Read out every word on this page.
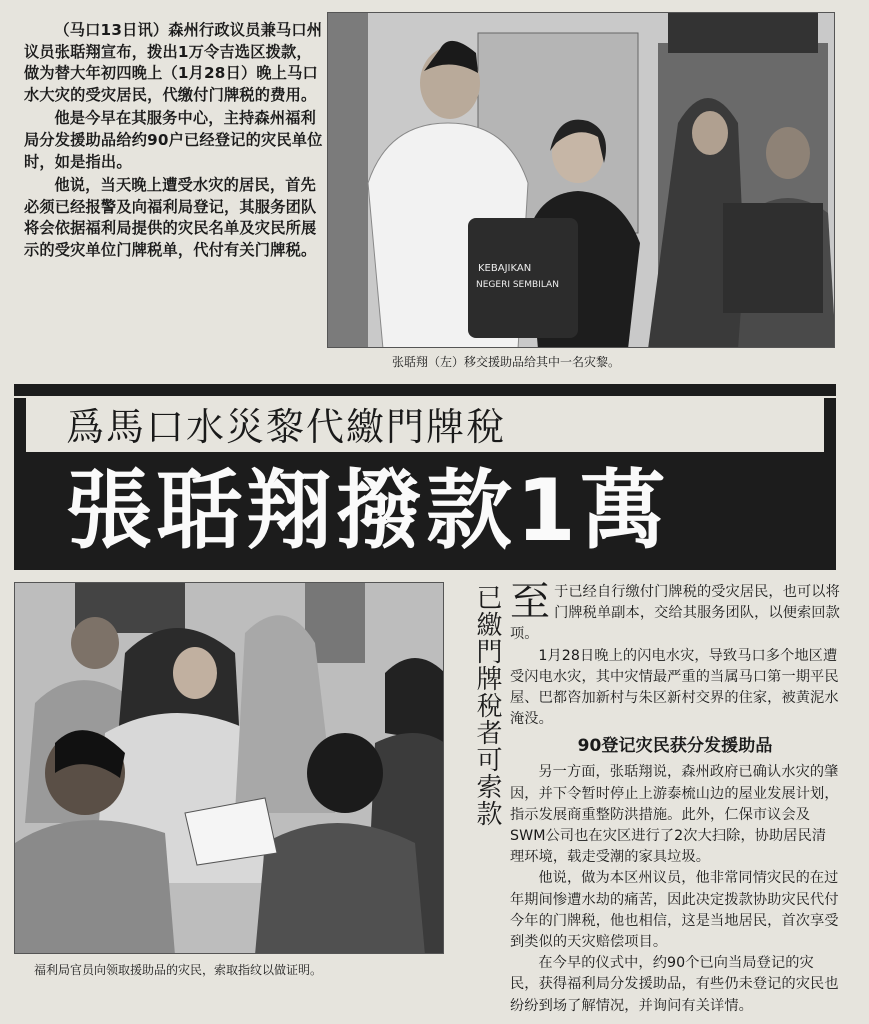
（马口13日讯）森州行政议员兼马口州议员张聒翔宣布，拨出1万令吉选区拨款，做为替大年初四晚上（1月28日）晚上马口水大灾的受灾居民，代缴付门牌税的费用。

他是今早在其服务中心，主持森州福利局分发援助品给约90户已经登记的灾民单位时，如是指出。

他说，当天晚上遭受水灾的居民，首先必须已经报警及向福利局登记，其服务团队将会依据福利局提供的灾民名单及灾民所展示的受灾单位门牌税单，代付有关门牌税。

KEBAJIKAN
NEGERI SEMBILAN
张聒翔（左）移交援助品给其中一名灾黎。
爲馬口水災黎代繳門牌稅
張聒翔撥款1萬
福利局官员向领取援助品的灾民，索取指纹以做证明。
已繳門牌稅者可索款 至于已经自行缴付门牌税的受灾居民，也可以将门牌税单副本，交给其服务团队，以便索回款项。

1月28日晚上的闪电水灾，导致马口多个地区遭受闪电水灾，其中灾情最严重的当属马口第一期平民屋、巴都咨加新村与朱区新村交界的住家，被黄泥水淹没。

90登记灾民获分发援助品

另一方面，张聒翔说，森州政府已确认水灾的肇因，并下令暂时停止上游泰梳山边的屋业发展计划，指示发展商重整防洪措施。此外，仁保市议会及SWM公司也在灾区进行了2次大扫除，协助居民清理环境，载走受潮的家具垃圾。

他说，做为本区州议员，他非常同情灾民的在过年期间惨遭水劫的痛苦，因此决定拨款协助灾民代付今年的门牌税，他也相信，这是当地居民，首次享受到类似的天灾赔偿项目。

在今早的仪式中，约90个已向当局登记的灾民，获得福利局分发援助品，有些仍未登记的灾民也纷纷到场了解情况，并询问有关详情。
